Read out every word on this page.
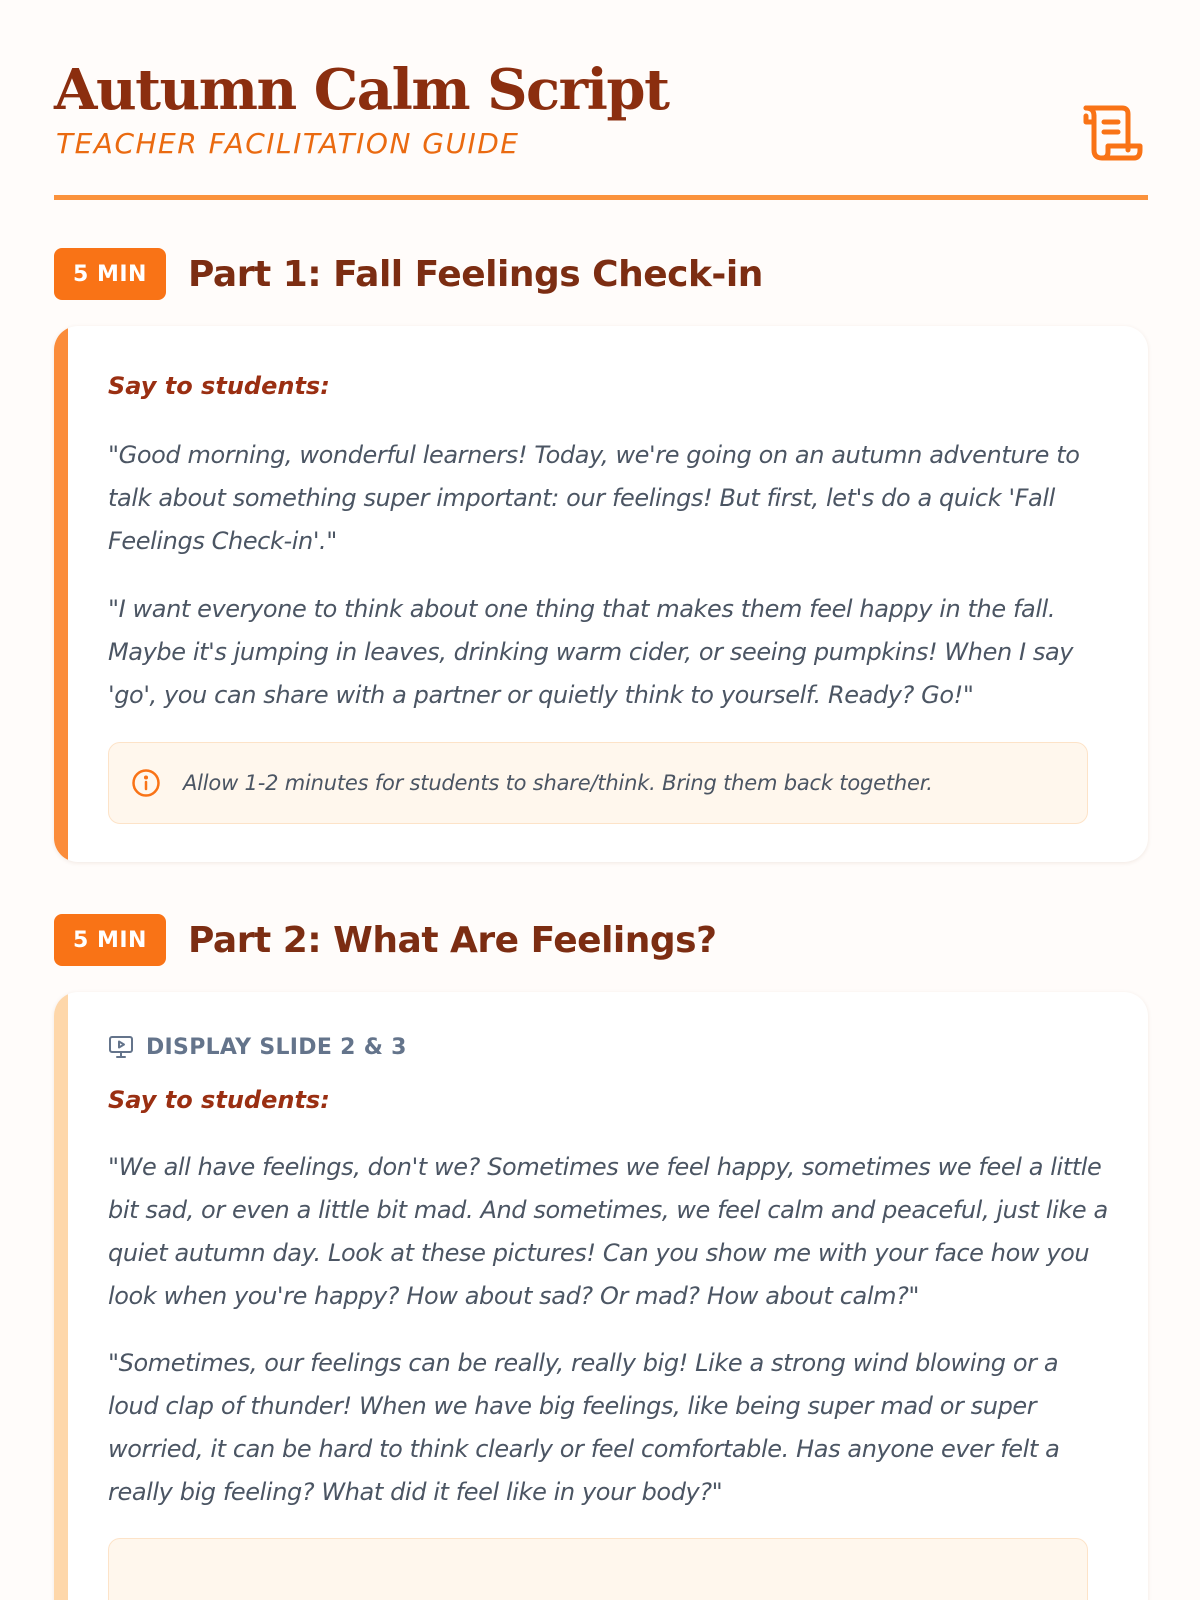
Autumn Calm Script
TEACHER FACILITATION GUIDE
5 MIN	Part 1: Fall Feelings Check-in
Say to students:
"Good morning, wonderful learners! Today, we're going on an autumn adventure to talk about something super important: our feelings! But first, let's do a quick 'Fall Feelings Check-in'."
"I want everyone to think about one thing that makes them feel happy in the fall. Maybe it's jumping in leaves, drinking warm cider, or seeing pumpkins! When I say 'go', you can share with a partner or quietly think to yourself. Ready? Go!"
Allow 1-2 minutes for students to share/think. Bring them back together.
5 MIN	Part 2: What Are Feelings?
DISPLAY SLIDE 2 & 3
Say to students:
"We all have feelings, don't we? Sometimes we feel happy, sometimes we feel a little bit sad, or even a little bit mad. And sometimes, we feel calm and peaceful, just like a quiet autumn day. Look at these pictures! Can you show me with your face how you look when you're happy? How about sad? Or mad? How about calm?"
"Sometimes, our feelings can be really, really big! Like a strong wind blowing or a loud clap of thunder! When we have big feelings, like being super mad or super worried, it can be hard to think clearly or feel comfortable. Has anyone ever felt a really big feeling? What did it feel like in your body?"
